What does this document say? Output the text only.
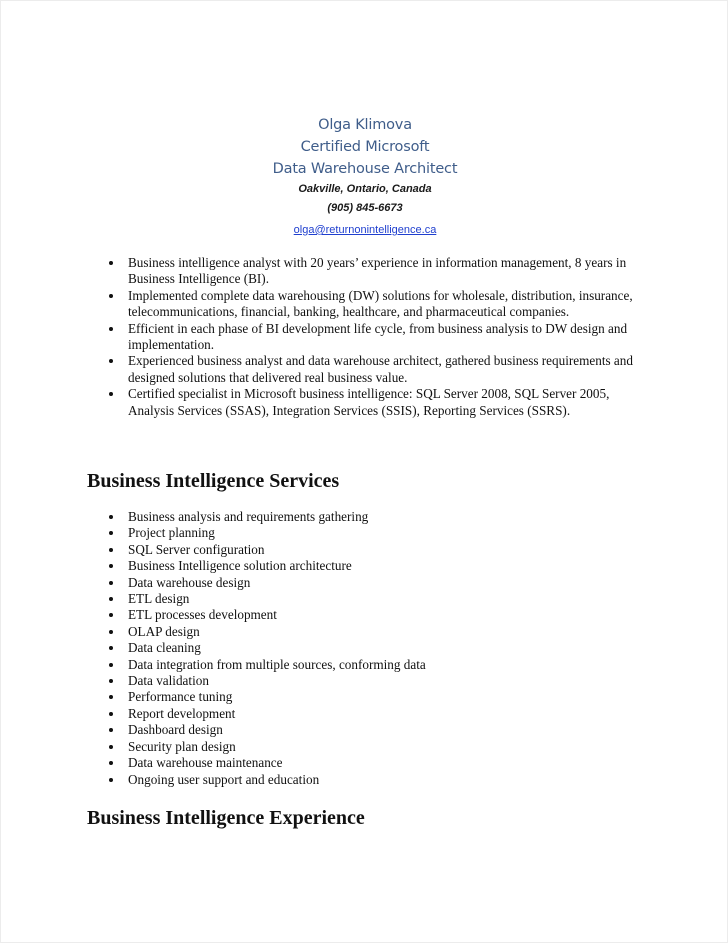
Olga Klimova
Certified Microsoft
Data Warehouse Architect
Oakville, Ontario, Canada
(905) 845-6673
olga@returnonintelligence.ca
Business intelligence analyst with 20 years’ experience in information management, 8 years in Business Intelligence (BI).
Implemented complete data warehousing (DW) solutions for wholesale, distribution, insurance, telecommunications, financial, banking, healthcare, and pharmaceutical companies.
Efficient in each phase of BI development life cycle, from business analysis to DW design and implementation.
Experienced business analyst and data warehouse architect, gathered business requirements and designed solutions that delivered real business value.
Certified specialist in Microsoft business intelligence: SQL Server 2008, SQL Server 2005, Analysis Services (SSAS), Integration Services (SSIS), Reporting Services (SSRS).
Business Intelligence Services
Business analysis and requirements gathering
Project planning
SQL Server configuration
Business Intelligence solution architecture
Data warehouse design
ETL design
ETL processes development
OLAP design
Data cleaning
Data integration from multiple sources, conforming data
Data validation
Performance tuning
Report development
Dashboard design
Security plan design
Data warehouse maintenance
Ongoing user support and education
Business Intelligence Experience
